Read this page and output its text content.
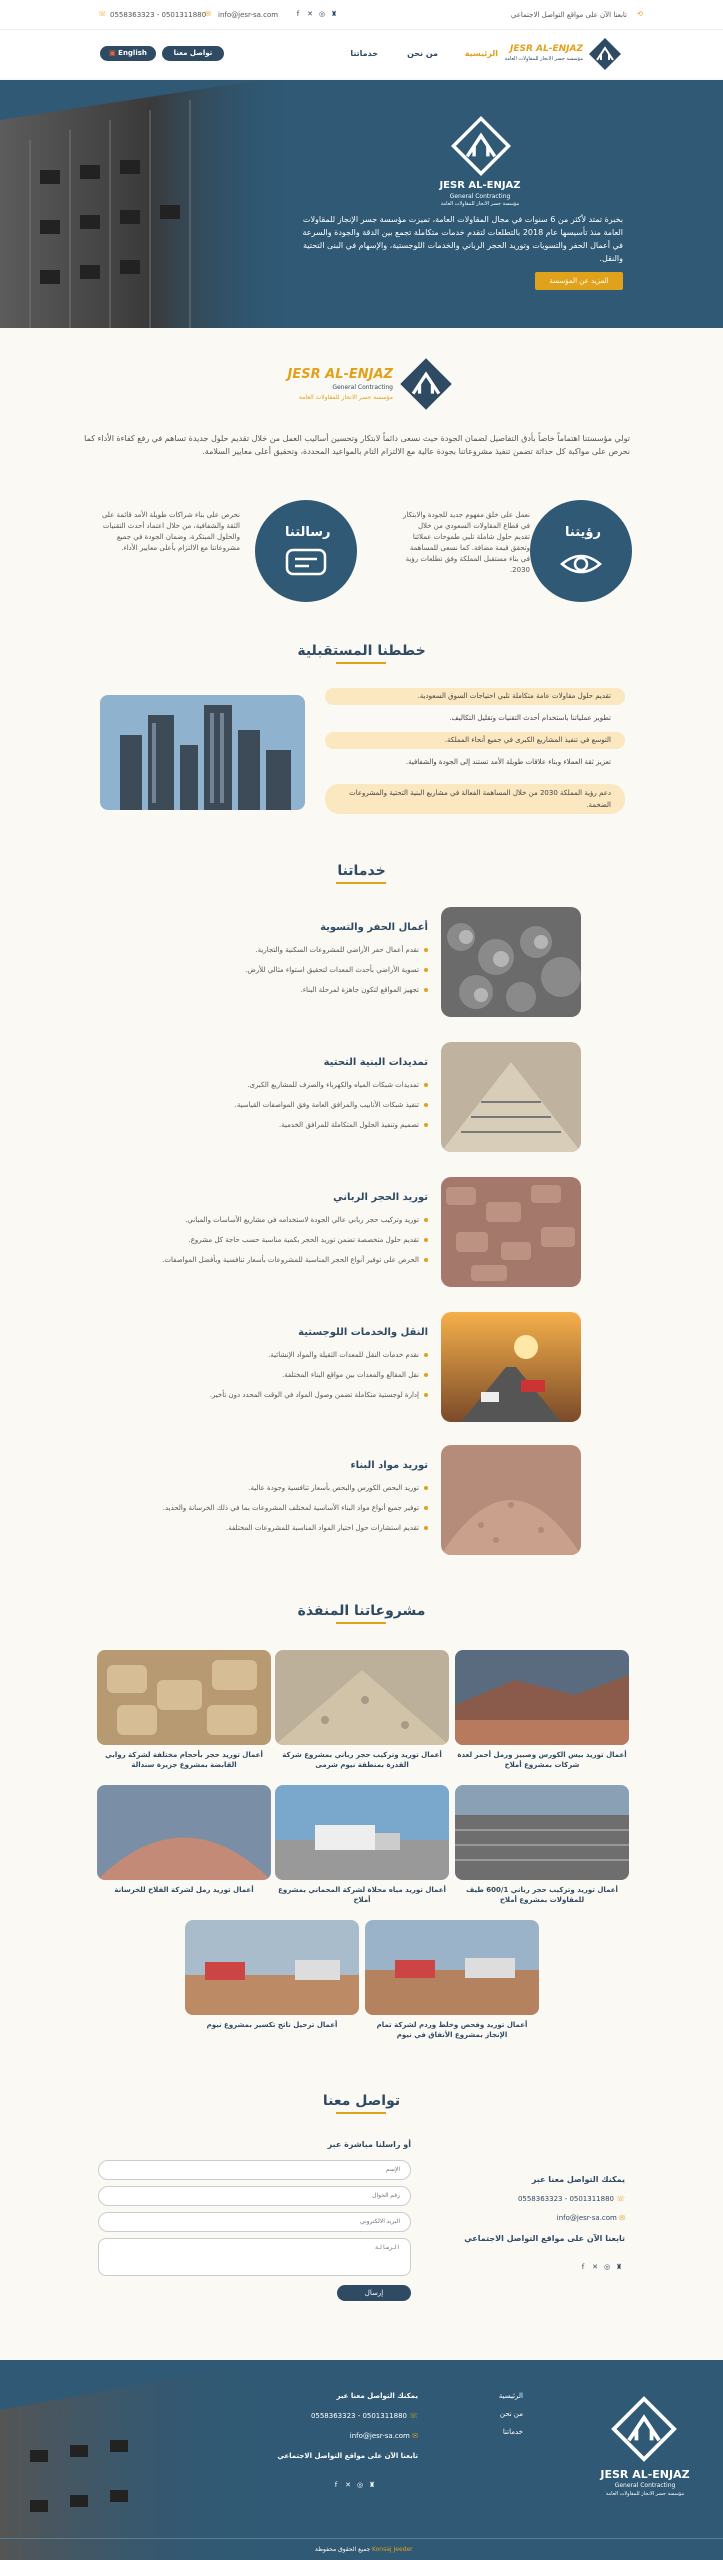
تابعنا الآن على مواقع التواصل الاجتماعي ⟲
f ✕ ◎ ♜
☏ 0558363323 - 0501311880
✉ info@jesr-sa.com
JESR AL-ENJAZ
مؤسسة جسر الانجاز للمقاولات العامة
الرئيسية
من نحن
خدماتنا
تواصل معنا
▣ English
JESR AL-ENJAZ
General Contracting
مؤسسة جسر الانجاز للمقاولات العامة
بخبرة تمتد لأكثر من 6 سنوات في مجال المقاولات العامة، تميزت مؤسسة جسر الإنجاز للمقاولات العامة منذ تأسيسها عام 2018 بالتطلعات لتقدم خدمات متكاملة تجمع بين الدقة والجودة والسرعة في أعمال الحفر والتسويات وتوريد الحجر الرباني والخدمات اللوجستية، والإسهام في البنى التحتية والنقل.
المزيد عن المؤسسة
JESR AL-ENJAZ
General Contracting
مؤسسة جسر الانجاز للمقاولات العامة
تولي مؤسستنا اهتماماً خاصاً بأدق التفاصيل لضمان الجودة حيث نسعى دائماً لابتكار وتحسين أساليب العمل من خلال تقديم حلول جديدة تساهم في رفع كفاءة الأداء كما نحرص على مواكبة كل حداثة تضمن تنفيذ مشروعاتنا بجودة عالية مع الالتزام التام بالمواعيد المحددة، وتحقيق أعلى معايير السلامة.
نعمل على خلق مفهوم جديد للجودة والابتكار في قطاع المقاولات السعودي من خلال تقديم حلول شاملة تلبي طموحات عملائنا وتحقق قيمة مضافة. كما نسعى للمساهمة في بناء مستقبل المملكة وفق تطلعات رؤية 2030.
رؤيتنا
رسالتنا
نحرص على بناء شراكات طويلة الأمد قائمة على الثقة والشفافية، من خلال اعتماد أحدث التقنيات والحلول المبتكرة، وضمان الجودة في جميع مشروعاتنا مع الالتزام بأعلى معايير الأداء.
خططنا المستقبلية
تقديم حلول مقاولات عامة متكاملة تلبي احتياجات السوق السعودية.
تطوير عملياتنا باستخدام أحدث التقنيات وتقليل التكاليف.
التوسع في تنفيذ المشاريع الكبرى في جميع أنحاء المملكة.
تعزيز ثقة العملاء وبناء علاقات طويلة الأمد تستند إلى الجودة والشفافية.
دعم رؤية المملكة 2030 من خلال المساهمة الفعالة في مشاريع البنية التحتية والمشروعات الضخمة.
خدماتنا
أعمال الحفر والتسوية
نقدم أعمال حفر الأراضي للمشروعات السكنية والتجارية.
تسوية الأراضي بأحدث المعدات لتحقيق استواء مثالي للأرض.
تجهيز المواقع لتكون جاهزة لمرحلة البناء.
تمديدات البنية التحتية
تمديدات شبكات المياه والكهرباء والصرف للمشاريع الكبرى.
تنفيذ شبكات الأنابيب والمرافق العامة وفق المواصفات القياسية.
تصميم وتنفيذ الحلول المتكاملة للمرافق الخدمية.
توريد الحجر الرباني
توريد وتركيب حجر رباني عالي الجودة لاستخدامه في مشاريع الأساسات والمباني.
تقديم حلول متخصصة تضمن توريد الحجر بكمية مناسبة حسب حاجة كل مشروع.
الحرص على توفير أنواع الحجر المناسبة للمشروعات بأسعار تنافسية وبأفضل المواصفات.
النقل والخدمات اللوجستية
نقدم خدمات النقل للمعدات الثقيلة والمواد الإنشائية.
نقل المقالع والمعدات بين مواقع البناء المختلفة.
إدارة لوجستية متكاملة تضمن وصول المواد في الوقت المحدد دون تأخير.
توريد مواد البناء
توريد البحص الكورس والبحص بأسعار تنافسية وجودة عالية.
توفير جميع أنواع مواد البناء الأساسية لمختلف المشروعات بما في ذلك الخرسانة والحديد.
تقديم استشارات حول اختيار المواد المناسبة للمشروعات المختلفة.
مشروعاتنا المنفذة
أعمال توريد بيس الكورس وصبيز ورمل أحمر لعدة شركات بمشروع أملاح
أعمال توريد وتركيب حجر رباني بمشروع شركة القدرة بمنطقة نيوم شرمى
أعمال توريد حجر بأحجام مختلفة لشركة روابي القابضة بمشروع جزيرة سندالة
أعمال توريد وتركيب حجر رباني 600/1 طيف للمقاولات بمشروع أملاح
أعمال توريد مياه محلاة لشركة المحماني بمشروع أملاح
أعمال توريد رمل لشركة الفلاح للخرسانة
أعمال توريد وفحص وخلط وردم لشركة تمام الإنجاز بمشروع الأنفاق في نيوم
أعمال ترحيل ناتج تكسير بمشروع نيوم
تواصل معنا
أو راسلنا مباشرة عبر
الإسم
رقم الجوال
البريد الالكتروني
الرسالة
إرسال
يمكنك التواصل معنا عبر
0558363323 - 0501311880 ☏
info@jesr-sa.com ✉
تابعنا الآن على مواقع التواصل الاجتماعي
f ✕ ◎ ♜
JESR AL-ENJAZ
General Contracting
مؤسسة جسر الانجاز للمقاولات العامة
الرئيسية
من نحن
خدماتنا
يمكنك التواصل معنا عبر
0558363323 - 0501311880 ☏
info@jesr-sa.com ✉
تابعنا الآن على مواقع التواصل الاجتماعي
f ✕ ◎ ♜
جميع الحقوق محفوظة Konsaj Jeeder
